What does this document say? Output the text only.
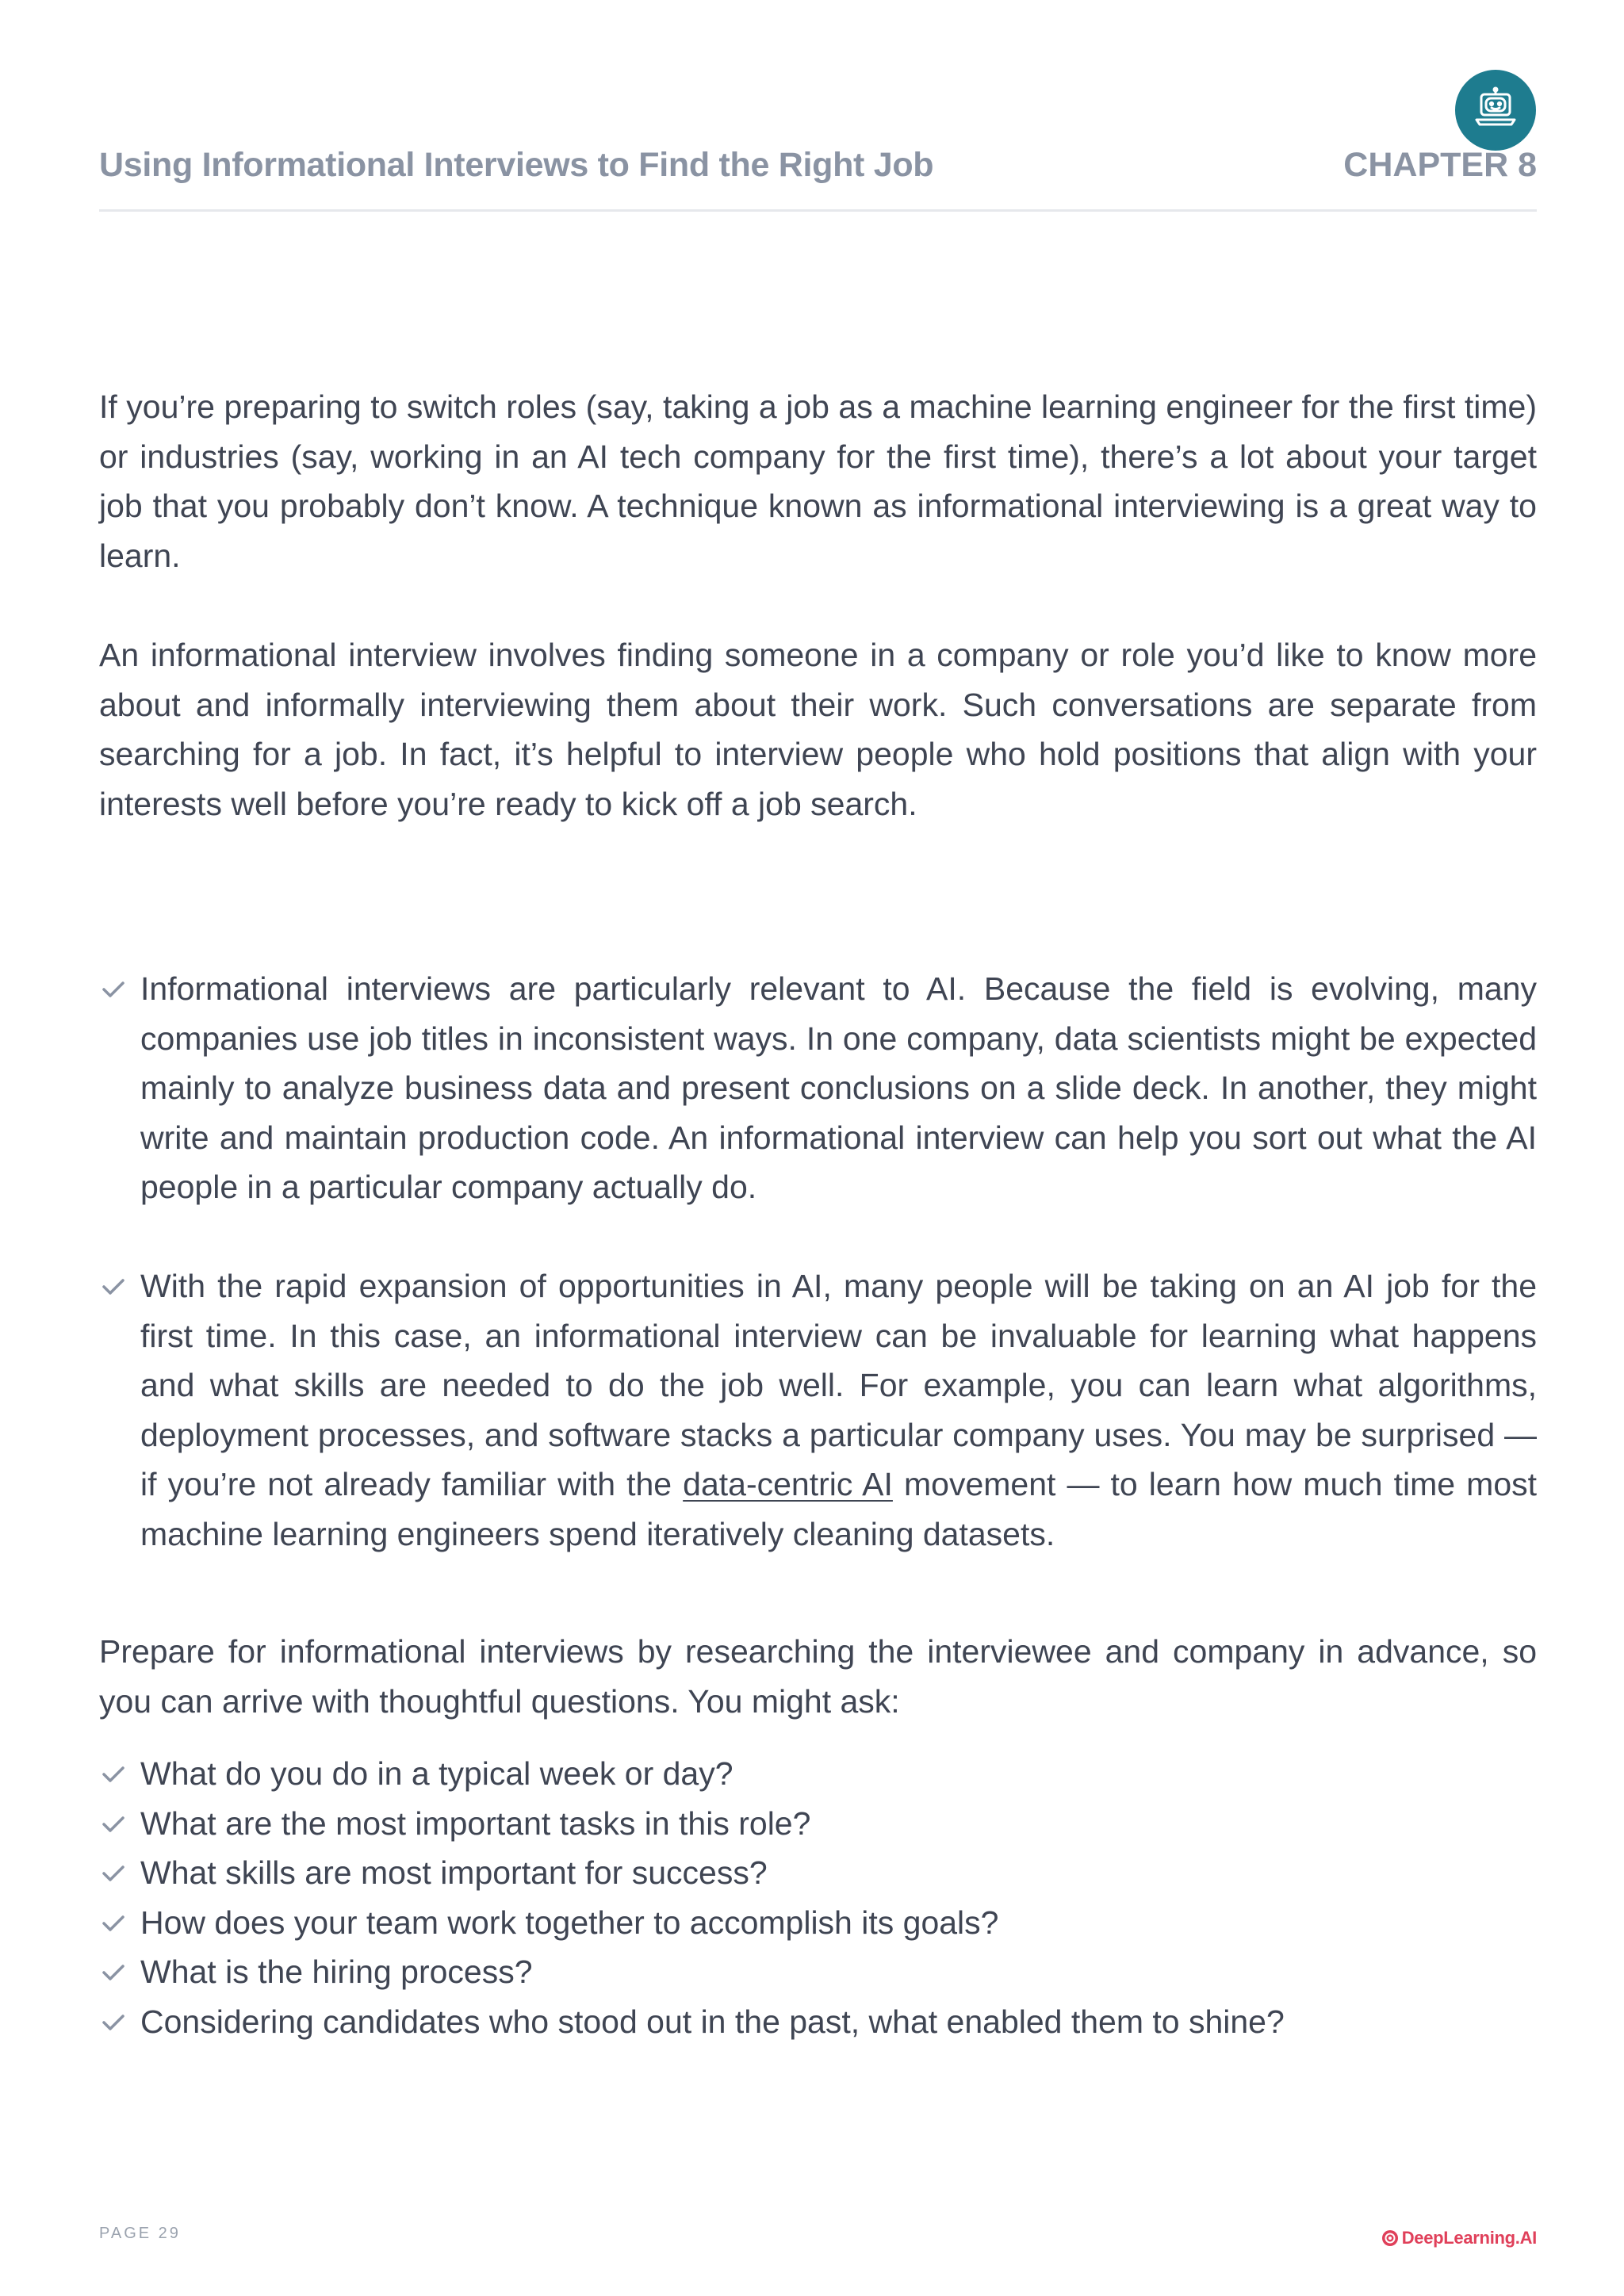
Using Informational Interviews to Find the Right Job	CHAPTER 8

If you’re preparing to switch roles (say, taking a job as a machine learning engineer for the first time) or industries (say, working in an AI tech company for the first time), there’s a lot about your target job that you probably don’t know. A technique known as informational interviewing is a great way to learn.

An informational interview involves finding someone in a company or role you’d like to know more about and informally interviewing them about their work. Such conversations are separate from searching for a job. In fact, it’s helpful to interview people who hold positions that align with your interests well before you’re ready to kick off a job search.

Informational interviews are particularly relevant to AI. Because the field is evolving, many companies use job titles in inconsistent ways. In one company, data scientists might be expected mainly to analyze business data and present conclusions on a slide deck. In another, they might write and maintain production code. An informational interview can help you sort out what the AI people in a particular company actually do.
With the rapid expansion of opportunities in AI, many people will be taking on an AI job for the first time. In this case, an informational interview can be invaluable for learning what happens and what skills are needed to do the job well. For example, you can learn what algorithms, deployment processes, and software stacks a particular company uses. You may be surprised — if you’re not already familiar with the data-centric AI movement — to learn how much time most machine learning engineers spend iteratively cleaning datasets.

Prepare for informational interviews by researching the interviewee and company in advance, so you can arrive with thoughtful questions. You might ask:

What do you do in a typical week or day?
What are the most important tasks in this role?
What skills are most important for success?
How does your team work together to accomplish its goals?
What is the hiring process?
Considering candidates who stood out in the past, what enabled them to shine?
PAGE 29	DeepLearning.AI
